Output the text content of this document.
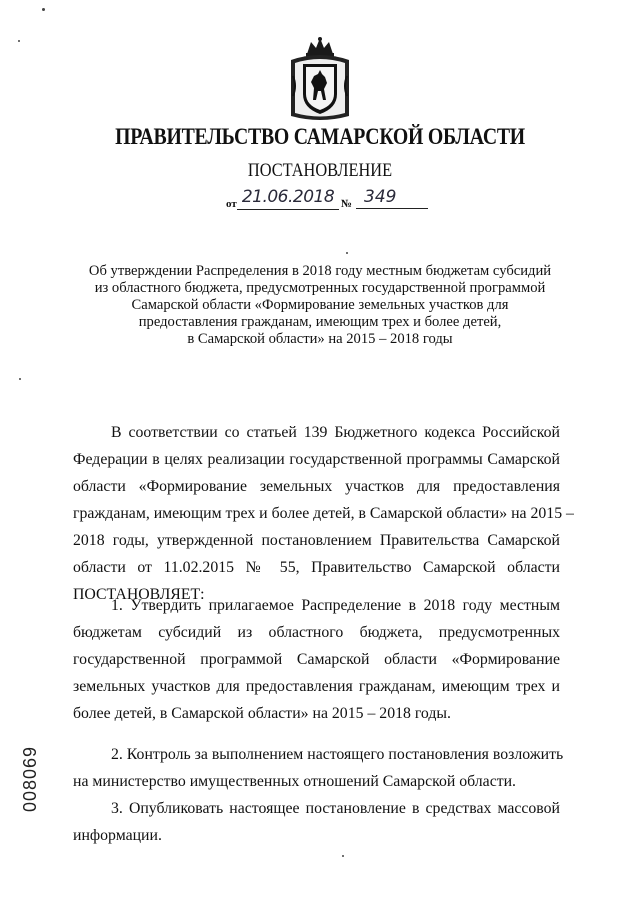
ПРАВИТЕЛЬСТВО САМАРСКОЙ ОБЛАСТИ
ПОСТАНОВЛЕНИЕ
от 21.06.2018 № 349
Об утверждении Распределения в 2018 году местным бюджетам субсидий
из областного бюджета, предусмотренных государственной программой
Самарской области «Формирование земельных участков для
предоставления гражданам, имеющим трех и более детей,
в Самарской области» на 2015 – 2018 годы
В соответствии со статьей 139 Бюджетного кодекса Российской
Федерации в целях реализации государственной программы Самарской
области «Формирование земельных участков для предоставления
гражданам, имеющим трех и более детей, в Самарской области» на 2015 –
2018 годы, утвержденной постановлением Правительства Самарской
области от 11.02.2015 № 55, Правительство Самарской области
ПОСТАНОВЛЯЕТ:
1. Утвердить прилагаемое Распределение в 2018 году местным
бюджетам субсидий из областного бюджета, предусмотренных
государственной программой Самарской области «Формирование
земельных участков для предоставления гражданам, имеющим трех и
более детей, в Самарской области» на 2015 – 2018 годы.
2. Контроль за выполнением настоящего постановления возложить
на министерство имущественных отношений Самарской области.
3. Опубликовать настоящее постановление в средствах массовой
информации.
008069
